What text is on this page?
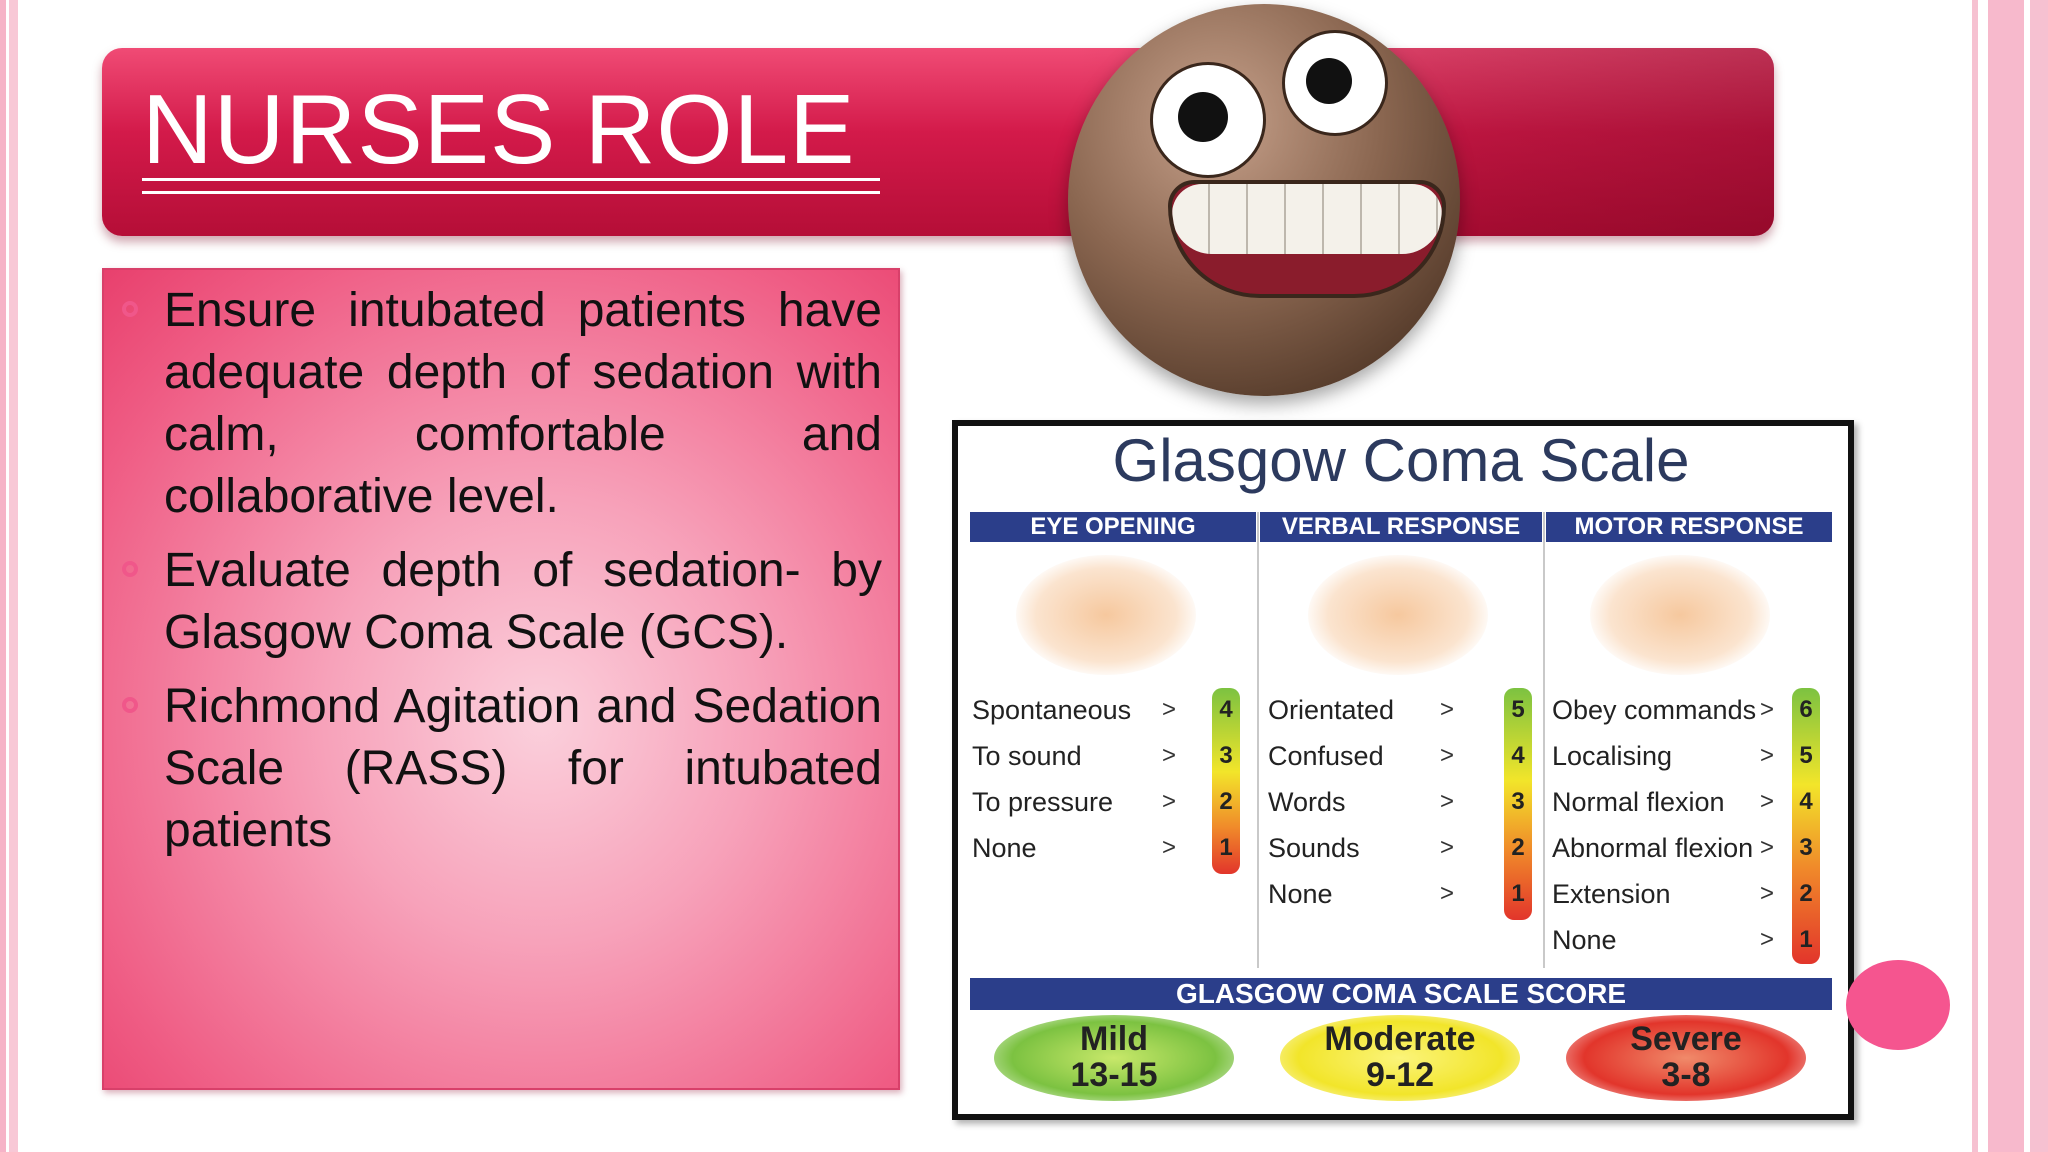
NURSES ROLE
Ensure intubated patients have adequate depth of sedation with calm, comfortable and collaborative level.
Evaluate depth of sedation- by Glasgow Coma Scale (GCS).
Richmond Agitation and Sedation Scale (RASS) for intubated patients
Glasgow Coma Scale
EYE OPENING	VERBAL RESPONSE	MOTOR RESPONSE
Spontaneous
To sound
To pressure
None
>
>
>
>
4
3
2
1
Orientated
Confused
Words
Sounds
None
>
>
>
>
>
5
4
3
2
1
Obey commands
Localising
Normal flexion
Abnormal flexion
Extension
None
>
>
>
>
>
>
6
5
4
3
2
1
GLASGOW COMA SCALE SCORE
Mild
13-15
Moderate
9-12
Severe
3-8
